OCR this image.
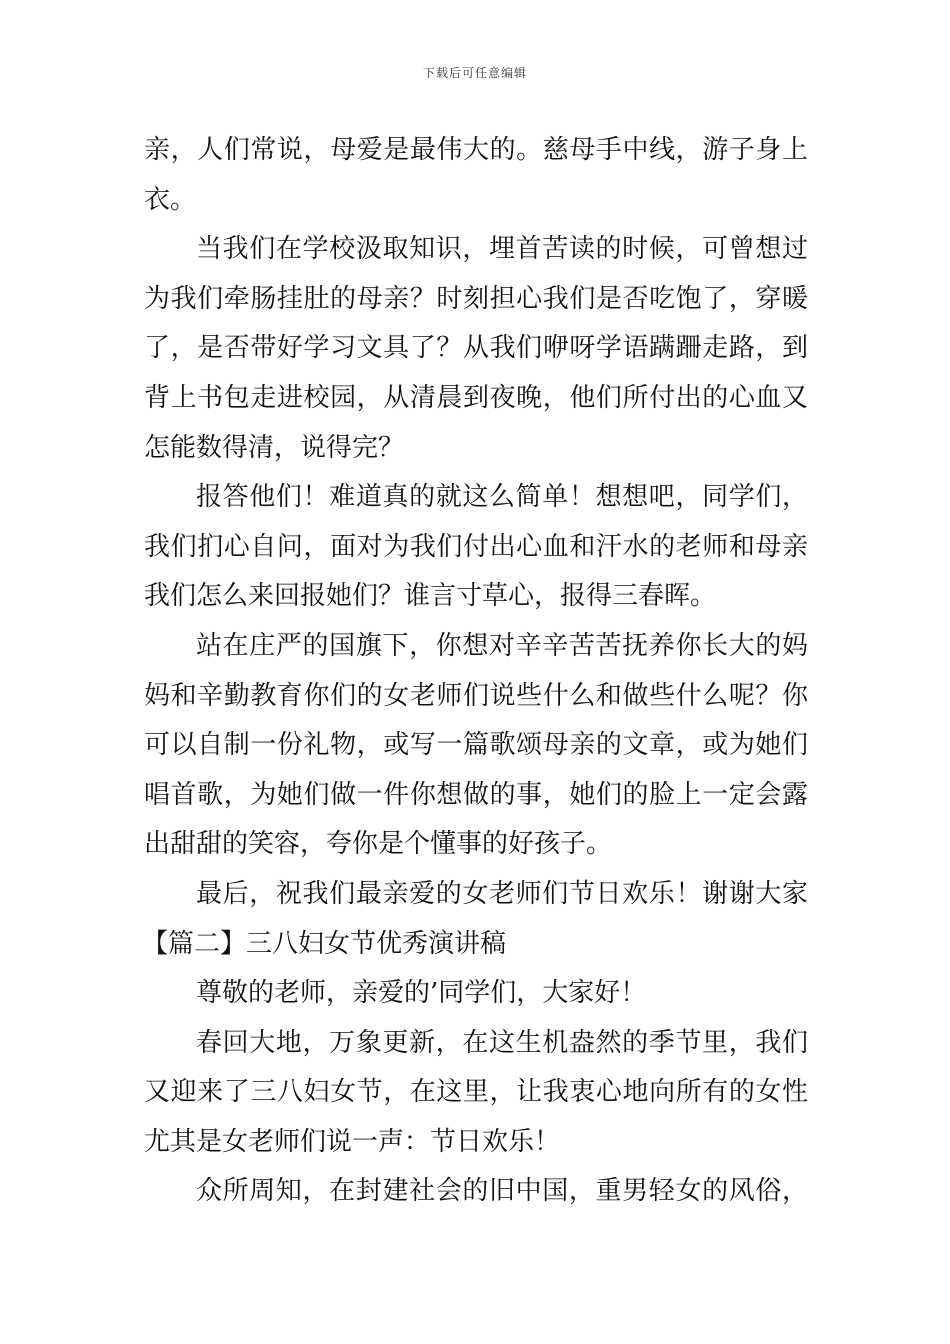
下载后可任意编辑
亲，人们常说，母爱是最伟大的。慈母手中线，游子身上
衣。
当我们在学校汲取知识，埋首苦读的时候，可曾想过
为我们牵肠挂肚的母亲？时刻担心我们是否吃饱了，穿暖
了，是否带好学习文具了？从我们咿呀学语蹒跚走路，到
背上书包走进校园，从清晨到夜晚，他们所付出的心血又
怎能数得清，说得完？
报答他们！难道真的就这么简单！想想吧，同学们，
我们扪心自问，面对为我们付出心血和汗水的老师和母亲
我们怎么来回报她们？谁言寸草心，报得三春晖。
站在庄严的国旗下，你想对辛辛苦苦抚养你长大的妈
妈和辛勤教育你们的女老师们说些什么和做些什么呢？你
可以自制一份礼物，或写一篇歌颂母亲的文章，或为她们
唱首歌，为她们做一件你想做的事，她们的脸上一定会露
出甜甜的笑容，夸你是个懂事的好孩子。
最后，祝我们最亲爱的女老师们节日欢乐！谢谢大家
【篇二】三八妇女节优秀演讲稿
尊敬的老师，亲爱的’同学们，大家好！
春回大地，万象更新，在这生机盎然的季节里，我们
又迎来了三八妇女节，在这里，让我衷心地向所有的女性
尤其是女老师们说一声：节日欢乐！
众所周知，在封建社会的旧中国，重男轻女的风俗，
